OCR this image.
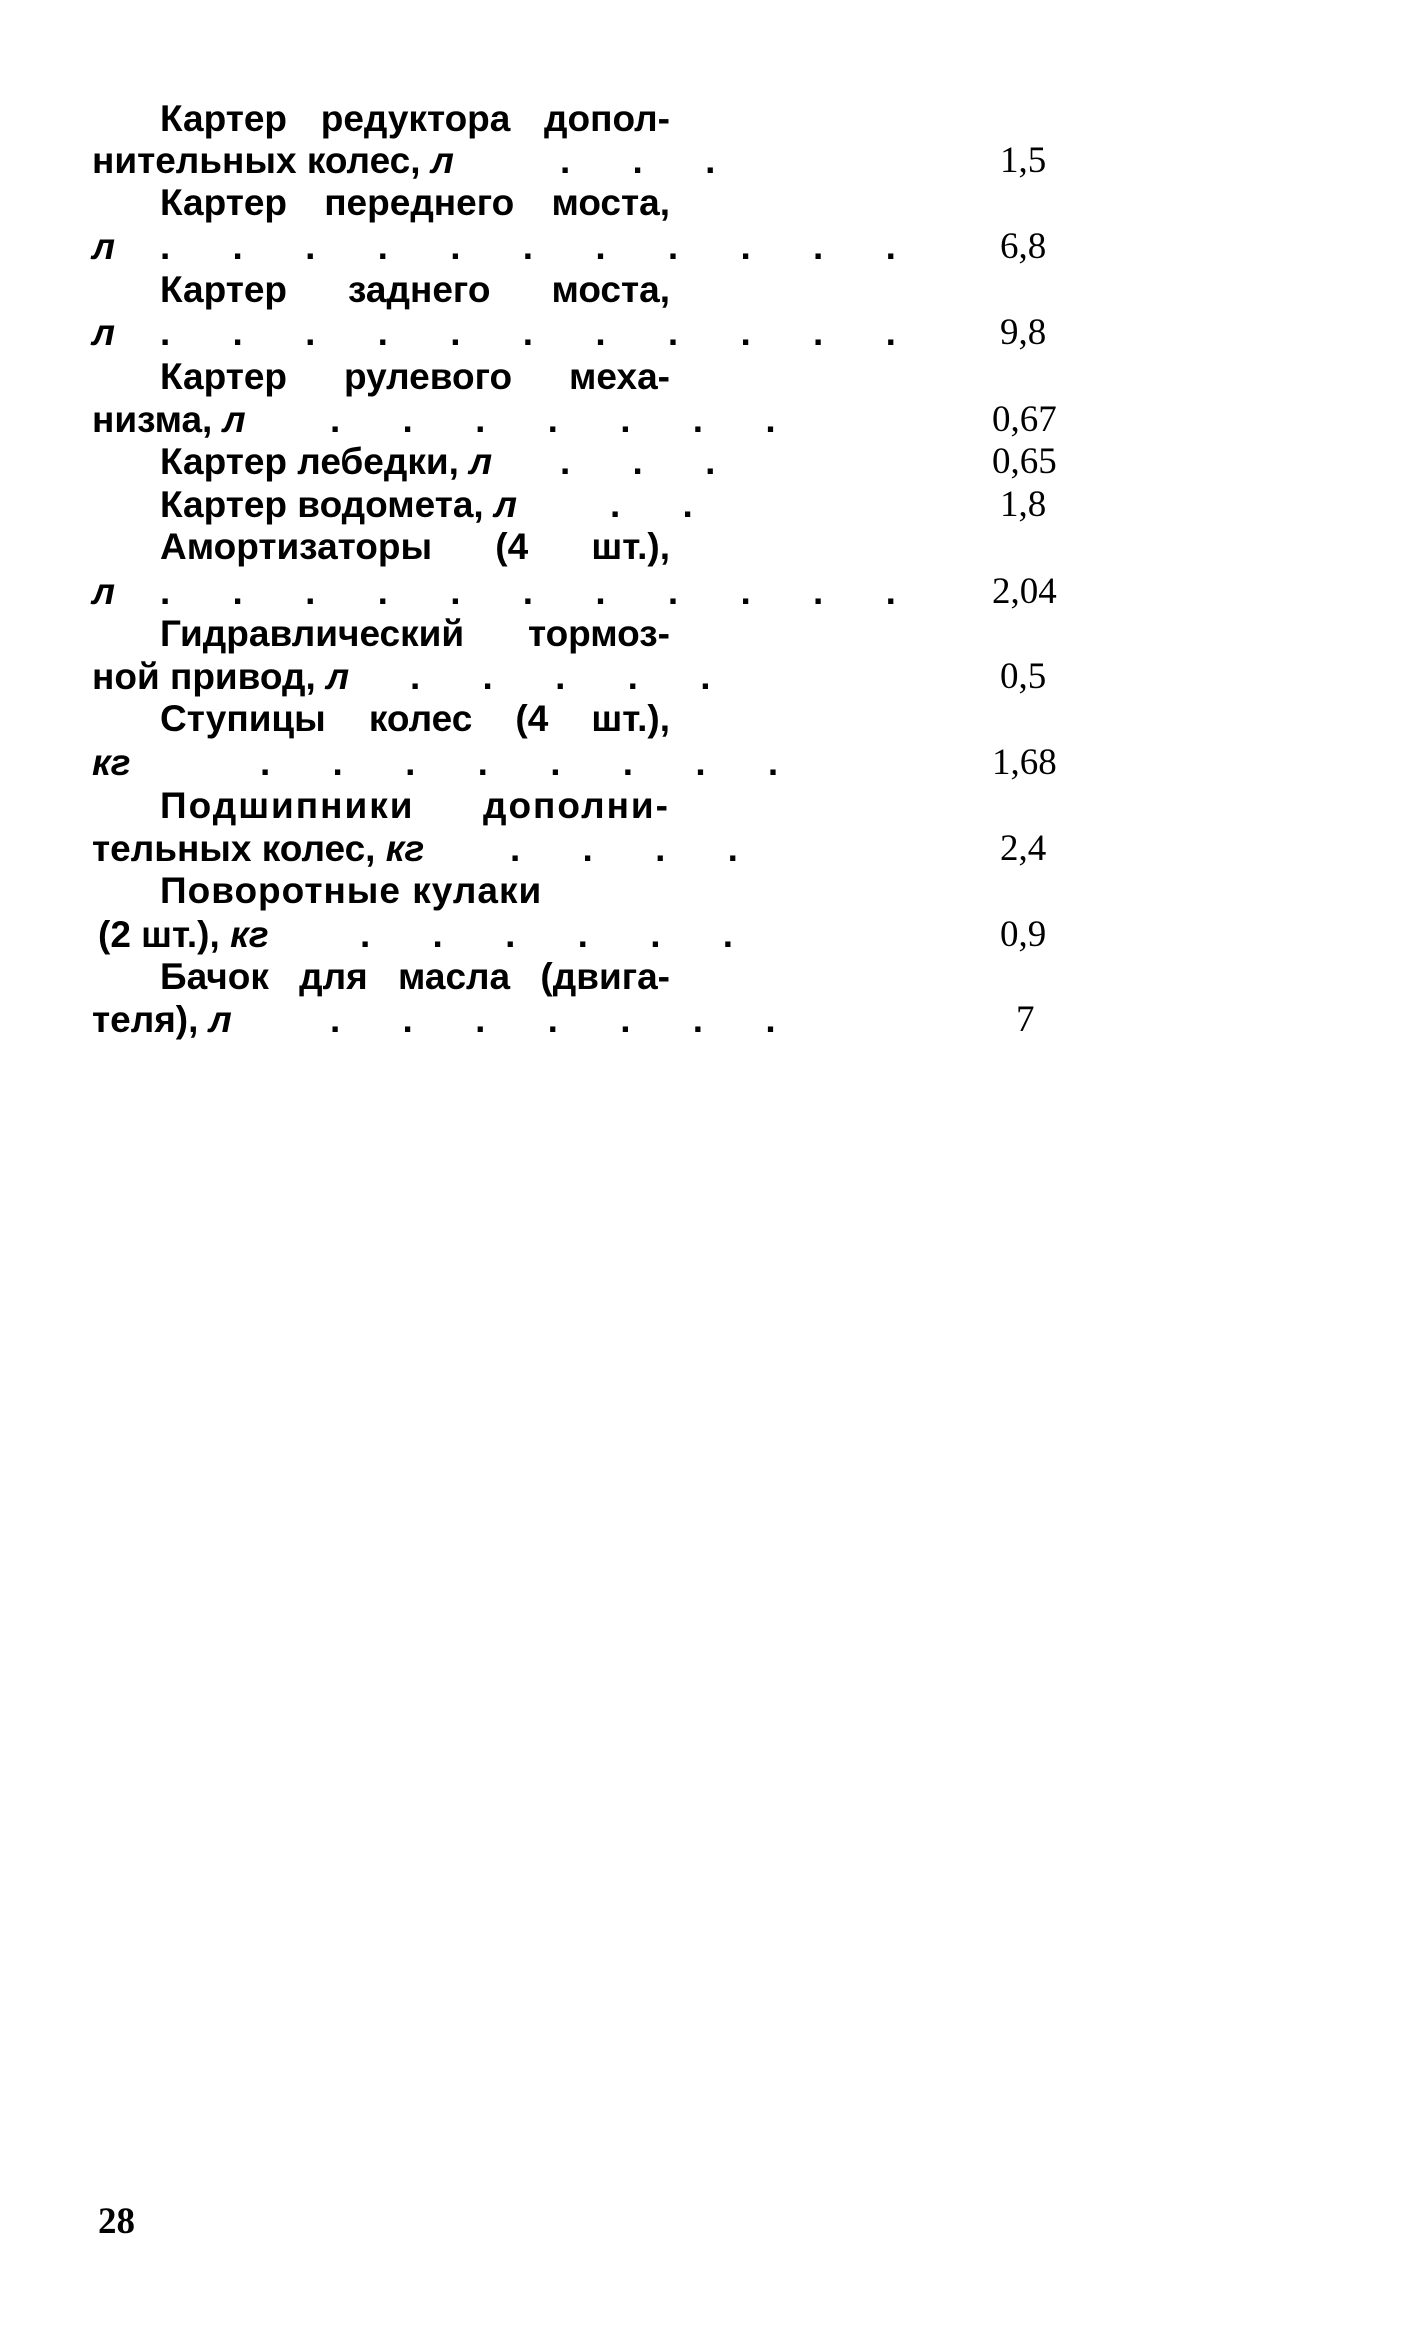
Картер редуктора допол-
нительных колес, л	. . .	1,5
Картер переднего моста,
л . . . . . . . . . . . 6,8
Картер заднего моста,
л . . . . . . . . . . . 9,8
Картер рулевого меха-
низма, л . . . . . . .	0,67
Картер лебедки, л . . .	0,65
Картер водомета, л	. .	1,8
Амортизаторы (4 шт.),
л . . . . . . . . . . . 2,04
Гидравлический тормоз-
ной привод, л . . . . .	0,5
Ступицы колес (4 шт.),
кг	. . . . . . . .	1,68
Подшипники дополни-
тельных колес, кг . . . .	2,4
Поворотные кулаки
(2 шт.), кг . . . . . .	0,9
Бачок для масла (двига-
теля), л	. . . . . . .	7
28
